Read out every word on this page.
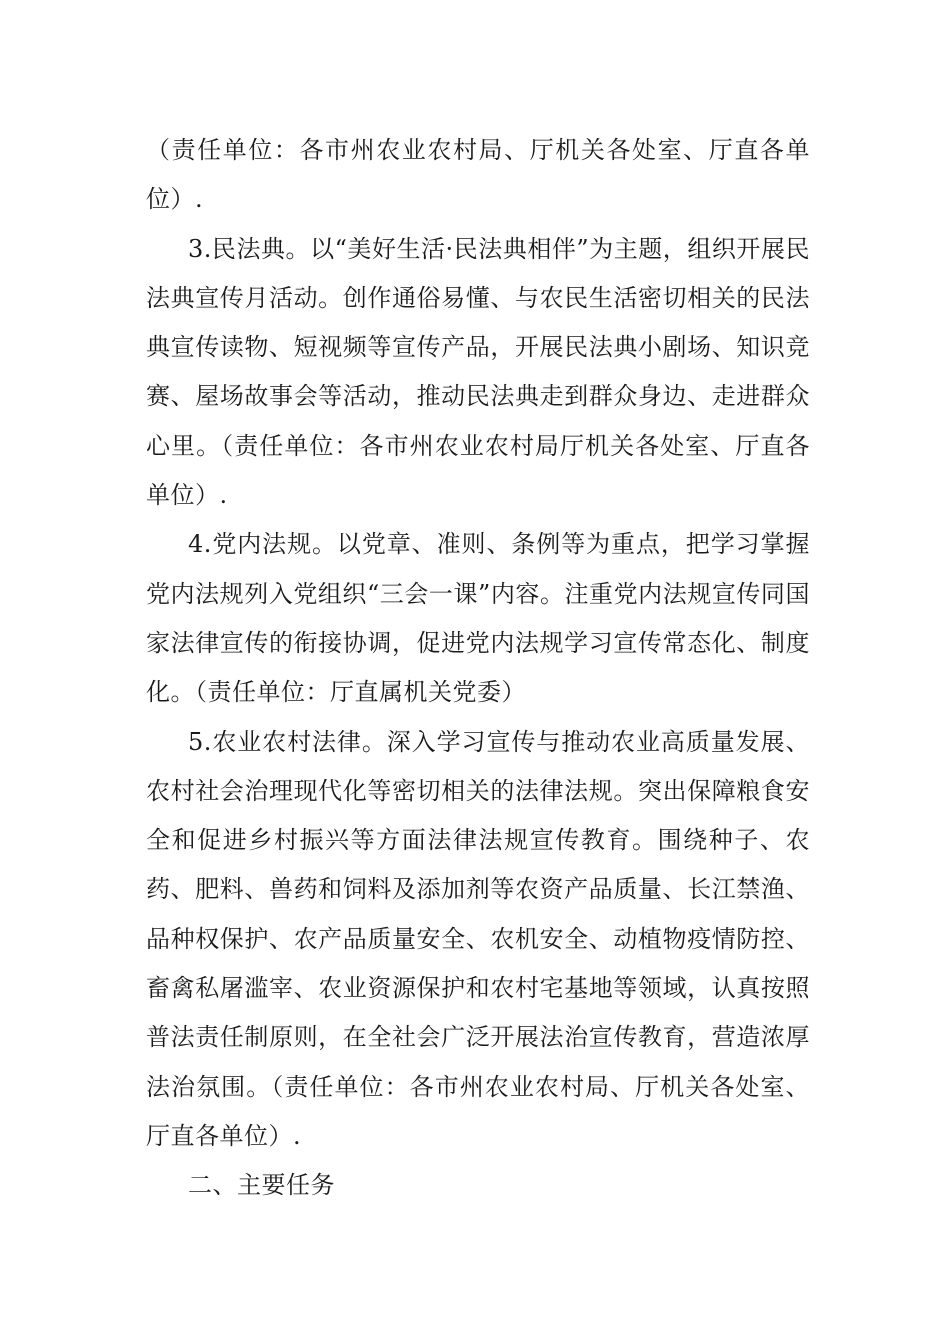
（责任单位：各市州农业农村局、厅机关各处室、厅直各单位）.

3.民法典。以“美好生活·民法典相伴”为主题，组织开展民法典宣传月活动。创作通俗易懂、与农民生活密切相关的民法典宣传读物、短视频等宣传产品，开展民法典小剧场、知识竞赛、屋场故事会等活动，推动民法典走到群众身边、走进群众心里。（责任单位：各市州农业农村局厅机关各处室、厅直各单位）.

4.党内法规。以党章、准则、条例等为重点，把学习掌握党内法规列入党组织“三会一课”内容。注重党内法规宣传同国家法律宣传的衔接协调，促进党内法规学习宣传常态化、制度化。（责任单位：厅直属机关党委）

5.农业农村法律。深入学习宣传与推动农业高质量发展、农村社会治理现代化等密切相关的法律法规。突出保障粮食安全和促进乡村振兴等方面法律法规宣传教育。围绕种子、农药、肥料、兽药和饲料及添加剂等农资产品质量、长江禁渔、品种权保护、农产品质量安全、农机安全、动植物疫情防控、畜禽私屠滥宰、农业资源保护和农村宅基地等领域，认真按照普法责任制原则，在全社会广泛开展法治宣传教育，营造浓厚法治氛围。（责任单位：各市州农业农村局、厅机关各处室、厅直各单位）.

二、主要任务
